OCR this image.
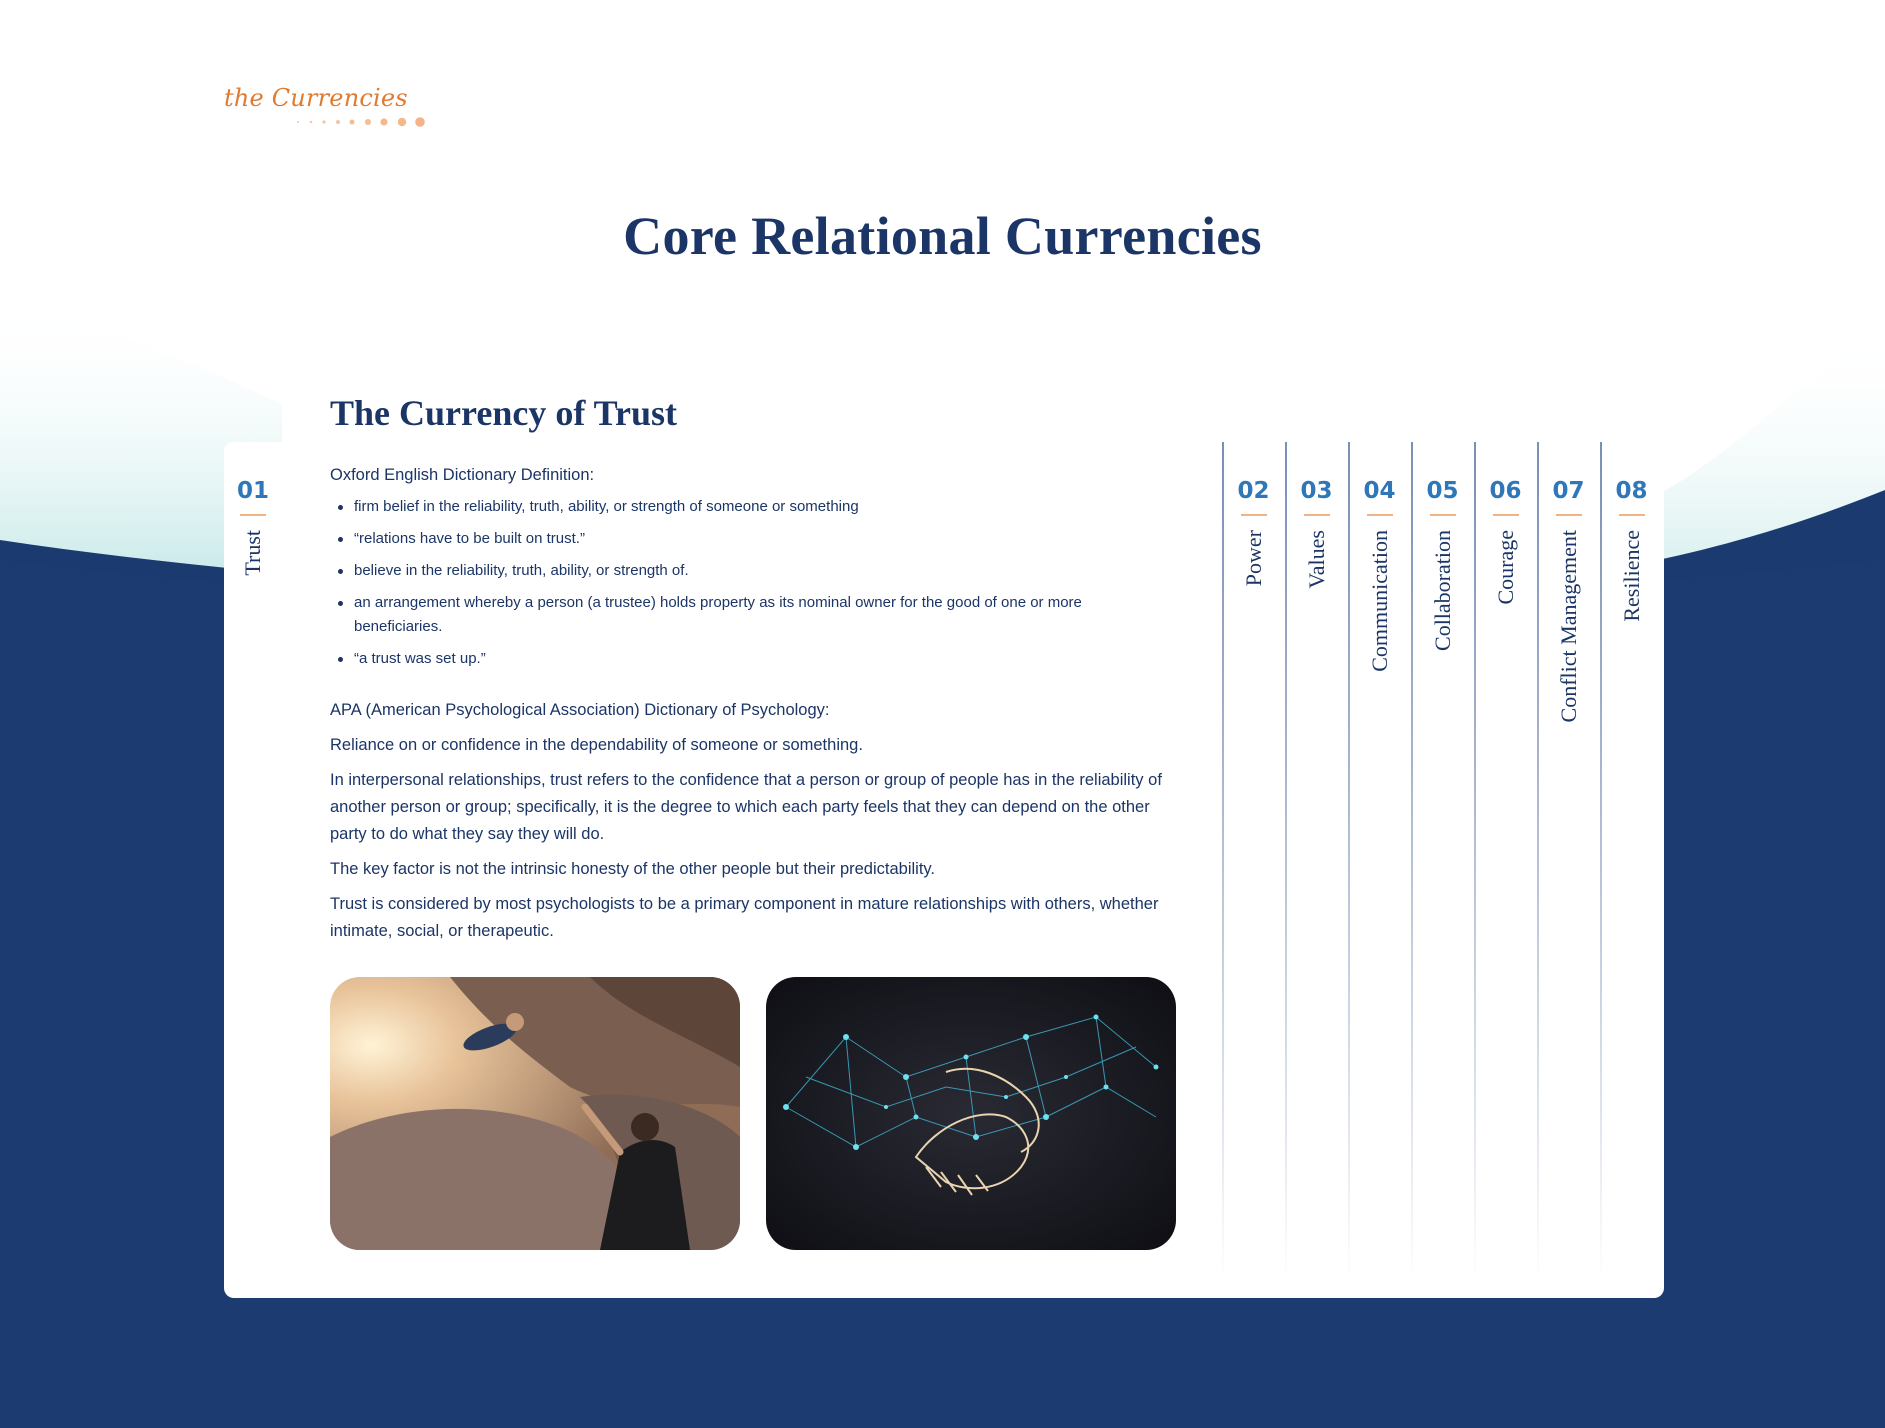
the Currencies
Core Relational Currencies
01
Trust
The Currency of Trust
Oxford English Dictionary Definition:
firm belief in the reliability, truth, ability, or strength of someone or something
“relations have to be built on trust.”
believe in the reliability, truth, ability, or strength of.
an arrangement whereby a person (a trustee) holds property as its nominal owner for the good of one or more beneficiaries.
“a trust was set up.”

APA (American Psychological Association) Dictionary of Psychology:

Reliance on or confidence in the dependability of someone or something.

In interpersonal relationships, trust refers to the confidence that a person or group of people has in the reliability of another person or group; specifically, it is the degree to which each party feels that they can depend on the other party to do what they say they will do.

The key factor is not the intrinsic honesty of the other people but their predictability.

Trust is considered by most psychologists to be a primary component in mature relationships with others, whether intimate, social, or therapeutic.

02
Power
03
Values
04
Communication
05
Collaboration
06
Courage
07
Conflict Management
08
Resilience
